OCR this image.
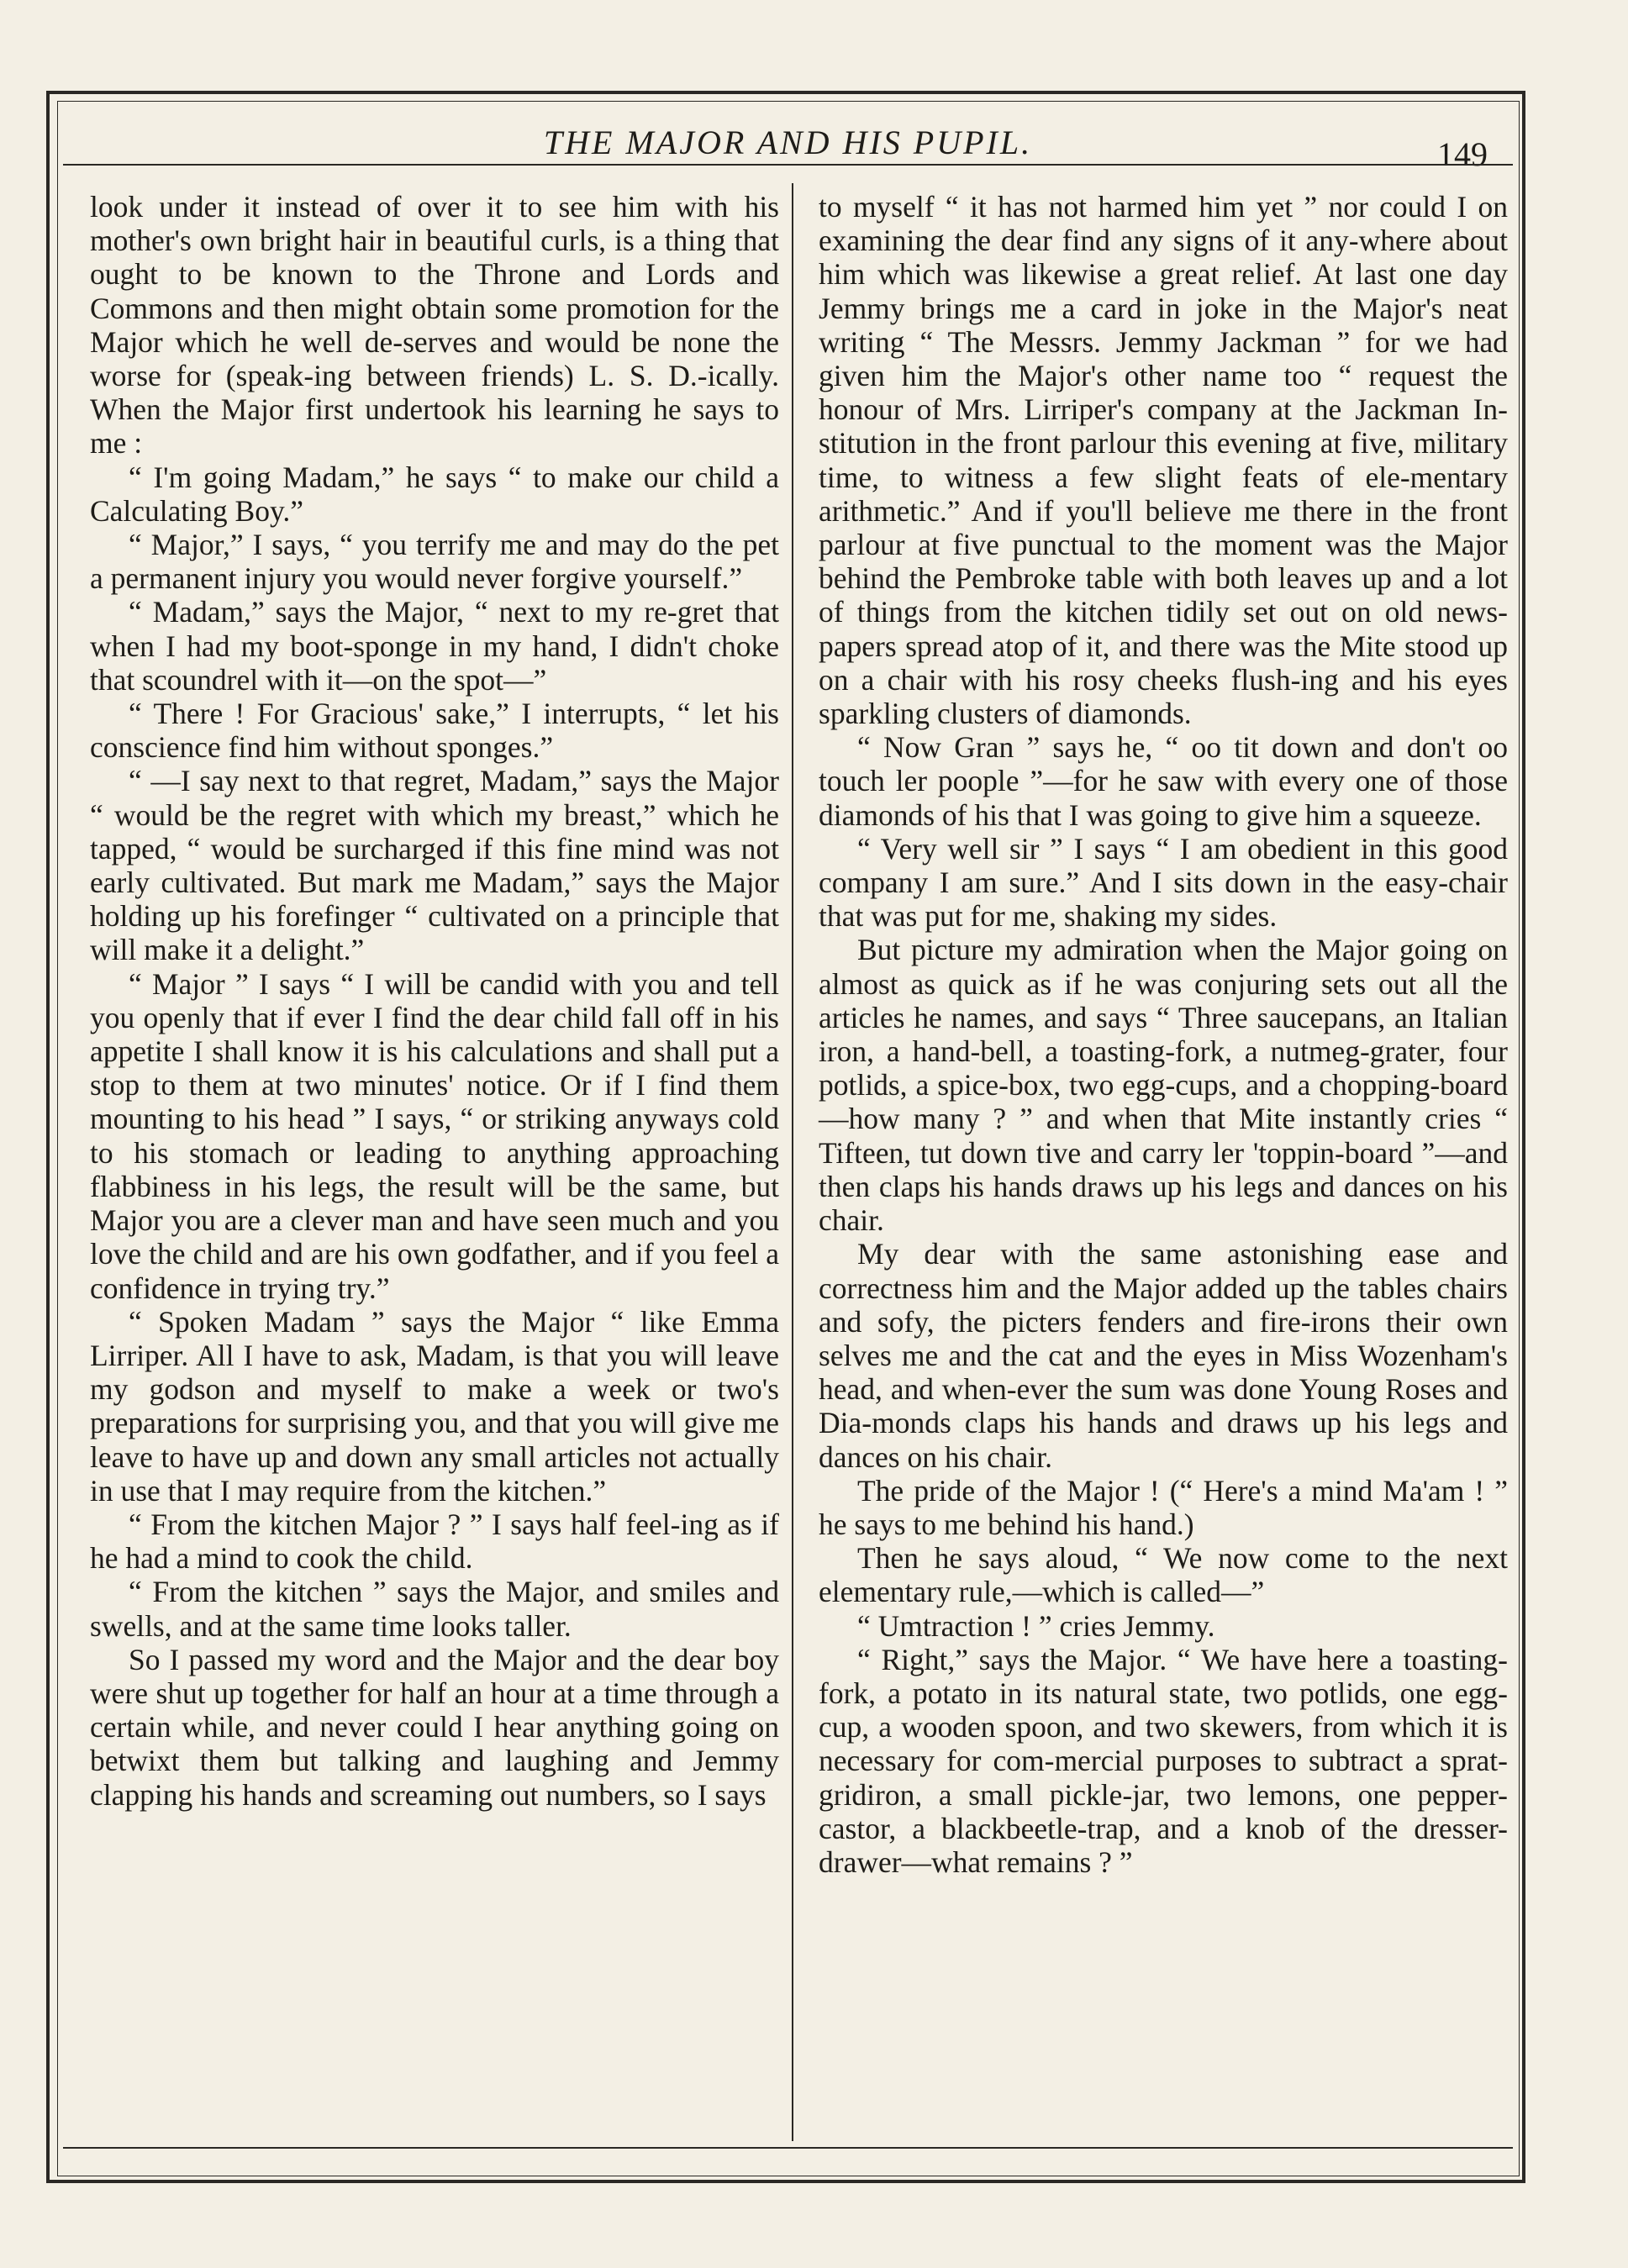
THE MAJOR AND HIS PUPIL.	149

look under it instead of over it to see him with his mother's own bright hair in beautiful curls, is a thing that ought to be known to the Throne and Lords and Commons and then might obtain some promotion for the Major which he well de-serves and would be none the worse for (speak-ing between friends) L. S. D.-ically. When the Major first undertook his learning he says to me :

“ I'm going Madam,” he says “ to make our child a Calculating Boy.”

“ Major,” I says, “ you terrify me and may do the pet a permanent injury you would never forgive yourself.”

“ Madam,” says the Major, “ next to my re-gret that when I had my boot-sponge in my hand, I didn't choke that scoundrel with it—on the spot—”

“ There ! For Gracious' sake,” I interrupts, “ let his conscience find him without sponges.”

“ —I say next to that regret, Madam,” says the Major “ would be the regret with which my breast,” which he tapped, “ would be surcharged if this fine mind was not early cultivated. But mark me Madam,” says the Major holding up his forefinger “ cultivated on a principle that will make it a delight.”

“ Major ” I says “ I will be candid with you and tell you openly that if ever I find the dear child fall off in his appetite I shall know it is his calculations and shall put a stop to them at two minutes' notice. Or if I find them mounting to his head ” I says, “ or striking anyways cold to his stomach or leading to anything approaching flabbiness in his legs, the result will be the same, but Major you are a clever man and have seen much and you love the child and are his own godfather, and if you feel a confidence in trying try.”

“ Spoken Madam ” says the Major “ like Emma Lirriper. All I have to ask, Madam, is that you will leave my godson and myself to make a week or two's preparations for surprising you, and that you will give me leave to have up and down any small articles not actually in use that I may require from the kitchen.”

“ From the kitchen Major ? ” I says half feel-ing as if he had a mind to cook the child.

“ From the kitchen ” says the Major, and smiles and swells, and at the same time looks taller.

So I passed my word and the Major and the dear boy were shut up together for half an hour at a time through a certain while, and never could I hear anything going on betwixt them but talking and laughing and Jemmy clapping his hands and screaming out numbers, so I says

to myself “ it has not harmed him yet ” nor could I on examining the dear find any signs of it any-where about him which was likewise a great relief. At last one day Jemmy brings me a card in joke in the Major's neat writing “ The Messrs. Jemmy Jackman ” for we had given him the Major's other name too “ request the honour of Mrs. Lirriper's company at the Jackman In-stitution in the front parlour this evening at five, military time, to witness a few slight feats of ele-mentary arithmetic.” And if you'll believe me there in the front parlour at five punctual to the moment was the Major behind the Pembroke table with both leaves up and a lot of things from the kitchen tidily set out on old news-papers spread atop of it, and there was the Mite stood up on a chair with his rosy cheeks flush-ing and his eyes sparkling clusters of diamonds.

“ Now Gran ” says he, “ oo tit down and don't oo touch ler poople ”—for he saw with every one of those diamonds of his that I was going to give him a squeeze.

“ Very well sir ” I says “ I am obedient in this good company I am sure.” And I sits down in the easy-chair that was put for me, shaking my sides.

But picture my admiration when the Major going on almost as quick as if he was conjuring sets out all the articles he names, and says “ Three saucepans, an Italian iron, a hand-bell, a toasting-fork, a nutmeg-grater, four potlids, a spice-box, two egg-cups, and a chopping-board —how many ? ” and when that Mite instantly cries “ Tifteen, tut down tive and carry ler 'toppin-board ”—and then claps his hands draws up his legs and dances on his chair.

My dear with the same astonishing ease and correctness him and the Major added up the tables chairs and sofy, the picters fenders and fire-irons their own selves me and the cat and the eyes in Miss Wozenham's head, and when-ever the sum was done Young Roses and Dia-monds claps his hands and draws up his legs and dances on his chair.

The pride of the Major ! (“ Here's a mind Ma'am ! ” he says to me behind his hand.)

Then he says aloud, “ We now come to the next elementary rule,—which is called—”

“ Umtraction ! ” cries Jemmy.

“ Right,” says the Major. “ We have here a toasting-fork, a potato in its natural state, two potlids, one egg-cup, a wooden spoon, and two skewers, from which it is necessary for com-mercial purposes to subtract a sprat-gridiron, a small pickle-jar, two lemons, one pepper-castor, a blackbeetle-trap, and a knob of the dresser-drawer—what remains ? ”
